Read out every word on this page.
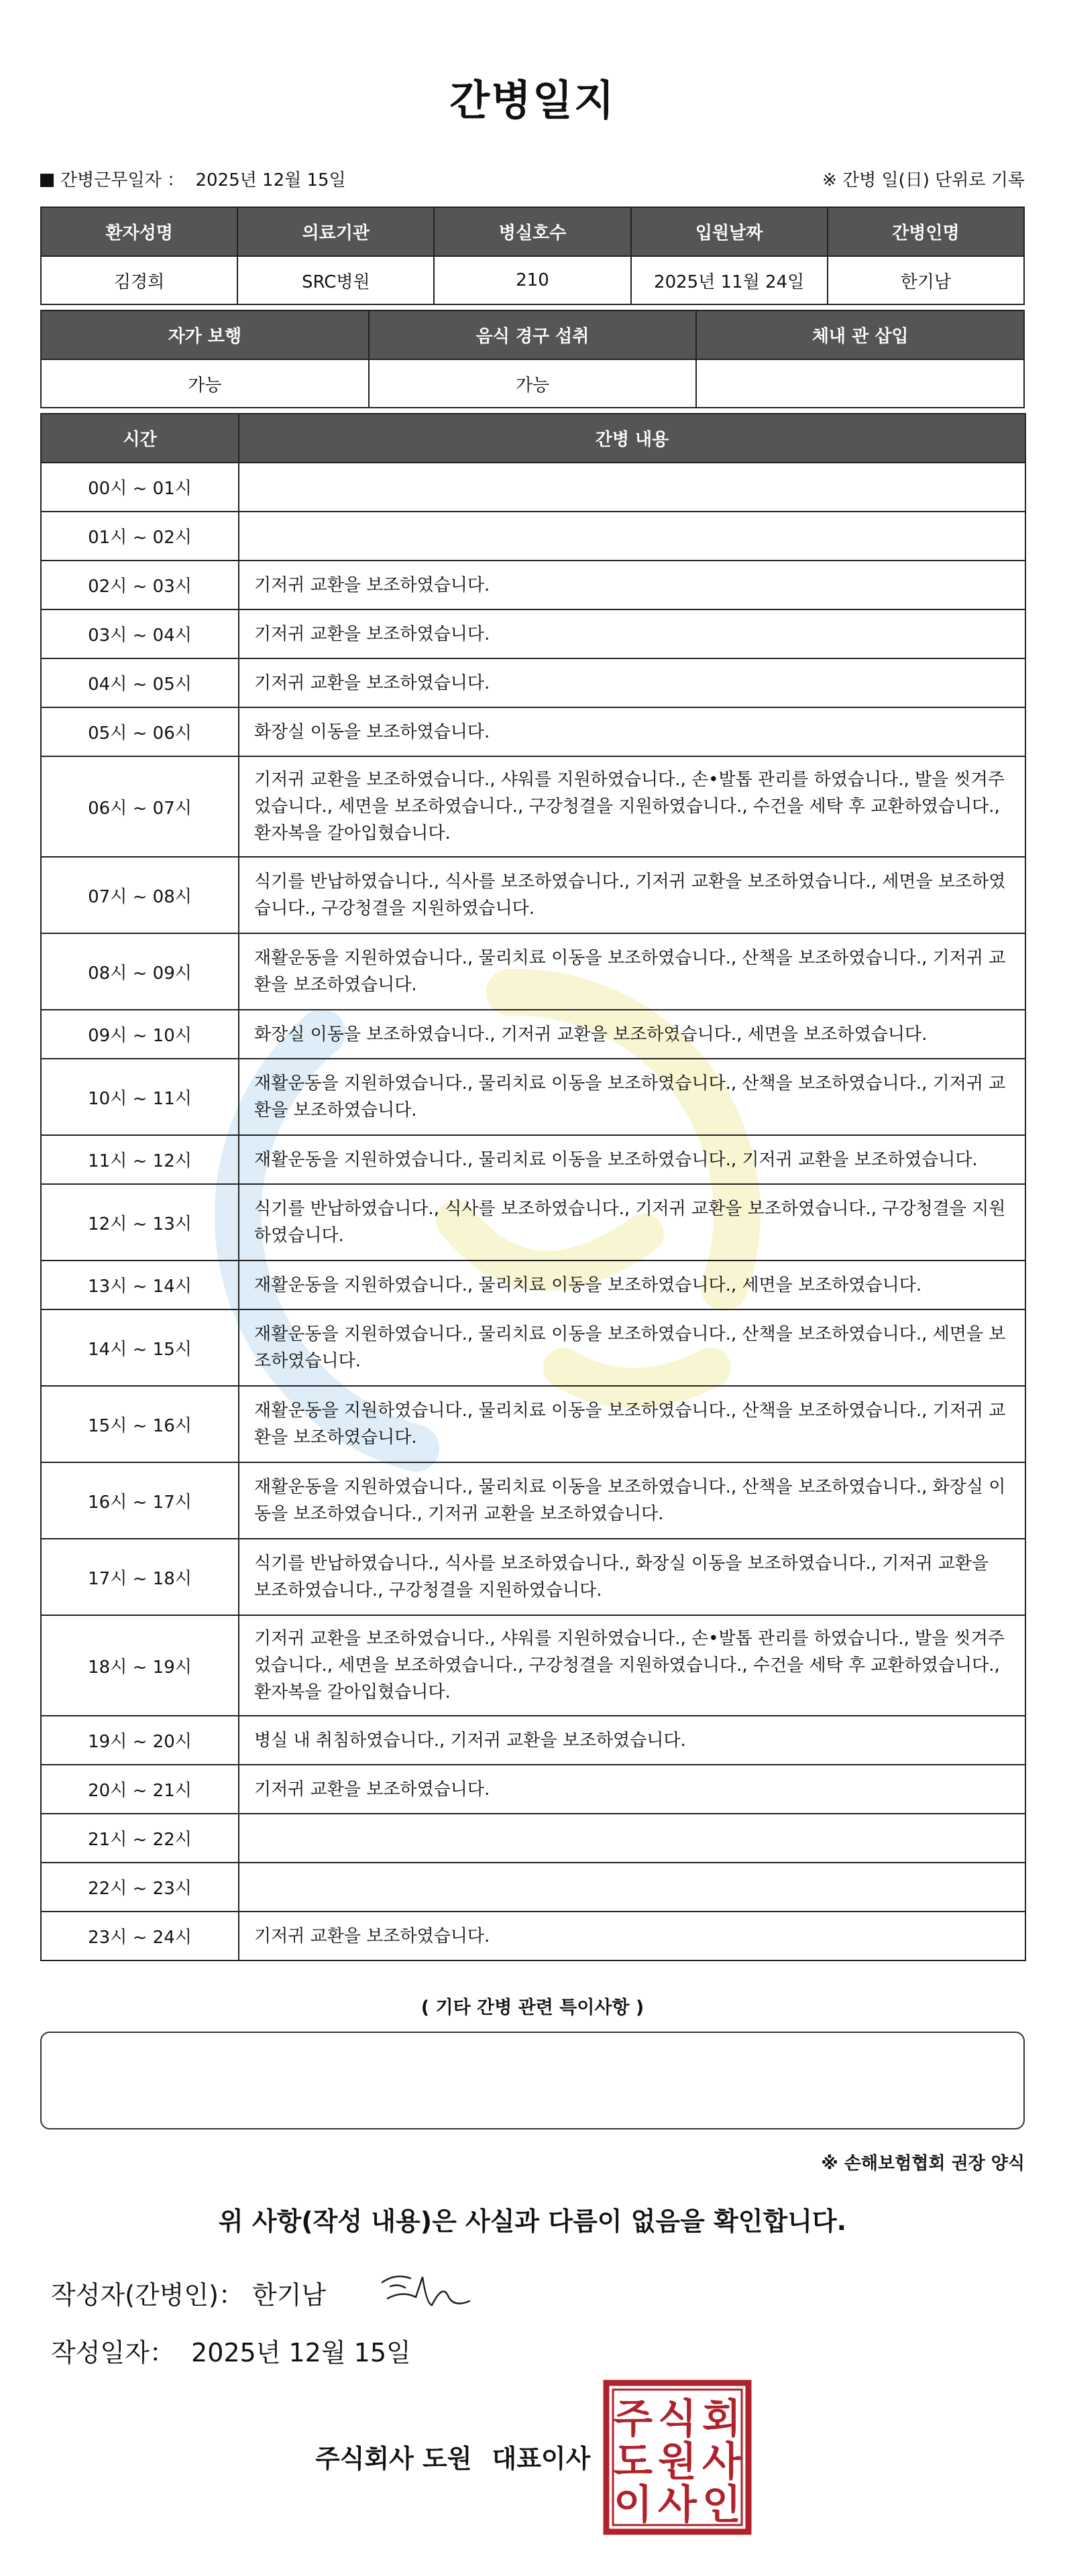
간병일지
간병근무일자 ： 2025년 12월 15일	※ 간병 일(日) 단위로 기록
환자성명	의료기관	병실호수	입원날짜	간병인명
김경희	SRC병원	210	2025년 11월 24일	한기남
자가 보행	음식 경구 섭취	체내 관 삽입
가능	가능	
시간	간병 내용
00시 ~ 01시	
01시 ~ 02시	
02시 ~ 03시	기저귀 교환을 보조하였습니다.
03시 ~ 04시	기저귀 교환을 보조하였습니다.
04시 ~ 05시	기저귀 교환을 보조하였습니다.
05시 ~ 06시	화장실 이동을 보조하였습니다.
06시 ~ 07시	기저귀 교환을 보조하였습니다., 샤워를 지원하였습니다., 손•발톱 관리를 하였습니다., 발을 씻겨주었습니다., 세면을 보조하였습니다., 구강청결을 지원하였습니다., 수건을 세탁 후 교환하였습니다., 환자복을 갈아입혔습니다.
07시 ~ 08시	식기를 반납하였습니다., 식사를 보조하였습니다., 기저귀 교환을 보조하였습니다., 세면을 보조하였습니다., 구강청결을 지원하였습니다.
08시 ~ 09시	재활운동을 지원하였습니다., 물리치료 이동을 보조하였습니다., 산책을 보조하였습니다., 기저귀 교환을 보조하였습니다.
09시 ~ 10시	화장실 이동을 보조하였습니다., 기저귀 교환을 보조하였습니다., 세면을 보조하였습니다.
10시 ~ 11시	재활운동을 지원하였습니다., 물리치료 이동을 보조하였습니다., 산책을 보조하였습니다., 기저귀 교환을 보조하였습니다.
11시 ~ 12시	재활운동을 지원하였습니다., 물리치료 이동을 보조하였습니다., 기저귀 교환을 보조하였습니다.
12시 ~ 13시	식기를 반납하였습니다., 식사를 보조하였습니다., 기저귀 교환을 보조하였습니다., 구강청결을 지원하였습니다.
13시 ~ 14시	재활운동을 지원하였습니다., 물리치료 이동을 보조하였습니다., 세면을 보조하였습니다.
14시 ~ 15시	재활운동을 지원하였습니다., 물리치료 이동을 보조하였습니다., 산책을 보조하였습니다., 세면을 보조하였습니다.
15시 ~ 16시	재활운동을 지원하였습니다., 물리치료 이동을 보조하였습니다., 산책을 보조하였습니다., 기저귀 교환을 보조하였습니다.
16시 ~ 17시	재활운동을 지원하였습니다., 물리치료 이동을 보조하였습니다., 산책을 보조하였습니다., 화장실 이동을 보조하였습니다., 기저귀 교환을 보조하였습니다.
17시 ~ 18시	식기를 반납하였습니다., 식사를 보조하였습니다., 화장실 이동을 보조하였습니다., 기저귀 교환을 보조하였습니다., 구강청결을 지원하였습니다.
18시 ~ 19시	기저귀 교환을 보조하였습니다., 샤워를 지원하였습니다., 손•발톱 관리를 하였습니다., 발을 씻겨주었습니다., 세면을 보조하였습니다., 구강청결을 지원하였습니다., 수건을 세탁 후 교환하였습니다., 환자복을 갈아입혔습니다.
19시 ~ 20시	병실 내 취침하였습니다., 기저귀 교환을 보조하였습니다.
20시 ~ 21시	기저귀 교환을 보조하였습니다.
21시 ~ 22시	
22시 ~ 23시	
23시 ~ 24시	기저귀 교환을 보조하였습니다.
( 기타 간병 관련 특이사항 )
※ 손해보험협회 권장 양식
위 사항(작성 내용)은 사실과 다름이 없음을 확인합니다.
작성자(간병인)： 한기남
작성일자： 2025년 12월 15일
주식회사 도원 대표이사
주 식 회
도 원 사
이 사 인
